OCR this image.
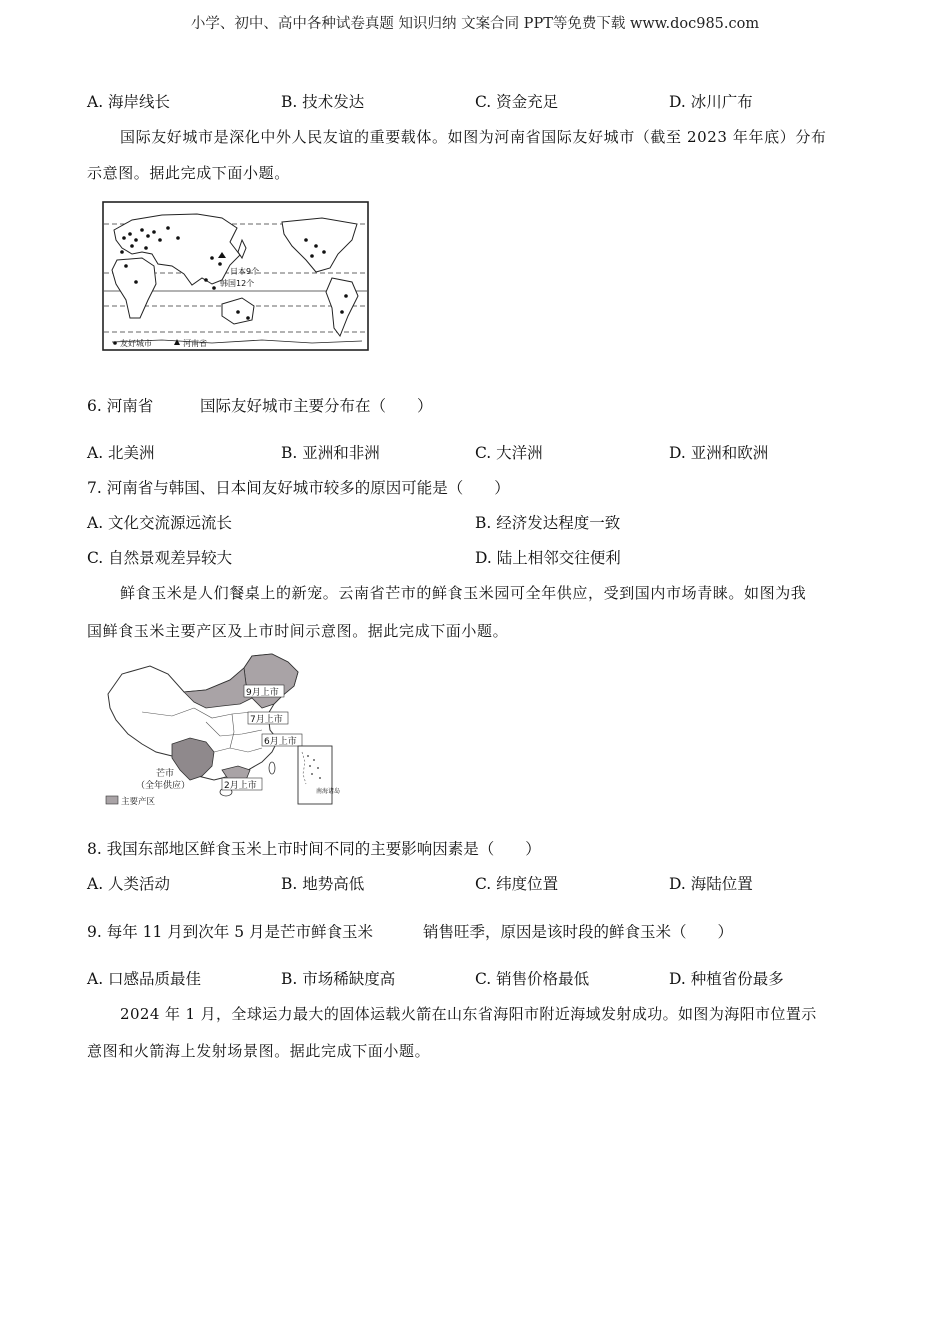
小学、初中、高中各种试卷真题 知识归纳 文案合同 PPT等免费下载 www.doc985.com
A. 海岸线长	B. 技术发达	C. 资金充足	D. 冰川广布
国际友好城市是深化中外人民友谊的重要载体。如图为河南省国际友好城市（截至 2023 年年底）分布
示意图。据此完成下面小题。
日本9个
韩国12个
友好城市	河南省
6. 河南省	国际友好城市主要分布在（　　）
A. 北美洲	B. 亚洲和非洲	C. 大洋洲	D. 亚洲和欧洲
7. 河南省与韩国、日本间友好城市较多的原因可能是（　　）
A. 文化交流源远流长	B. 经济发达程度一致
C. 自然景观差异较大	D. 陆上相邻交往便利
鲜食玉米是人们餐桌上的新宠。云南省芒市的鲜食玉米园可全年供应，受到国内市场青睐。如图为我
国鲜食玉米主要产区及上市时间示意图。据此完成下面小题。
9月上市
7月上市
6月上市
2月上市
芒市
（全年供应）
主要产区
南海诸岛
8. 我国东部地区鲜食玉米上市时间不同的主要影响因素是（　　）
A. 人类活动	B. 地势高低	C. 纬度位置	D. 海陆位置
9. 每年 11 月到次年 5 月是芒市鲜食玉米	销售旺季，原因是该时段的鲜食玉米（　　）
A. 口感品质最佳	B. 市场稀缺度高	C. 销售价格最低	D. 种植省份最多
2024 年 1 月，全球运力最大的固体运载火箭在山东省海阳市附近海域发射成功。如图为海阳市位置示
意图和火箭海上发射场景图。据此完成下面小题。
